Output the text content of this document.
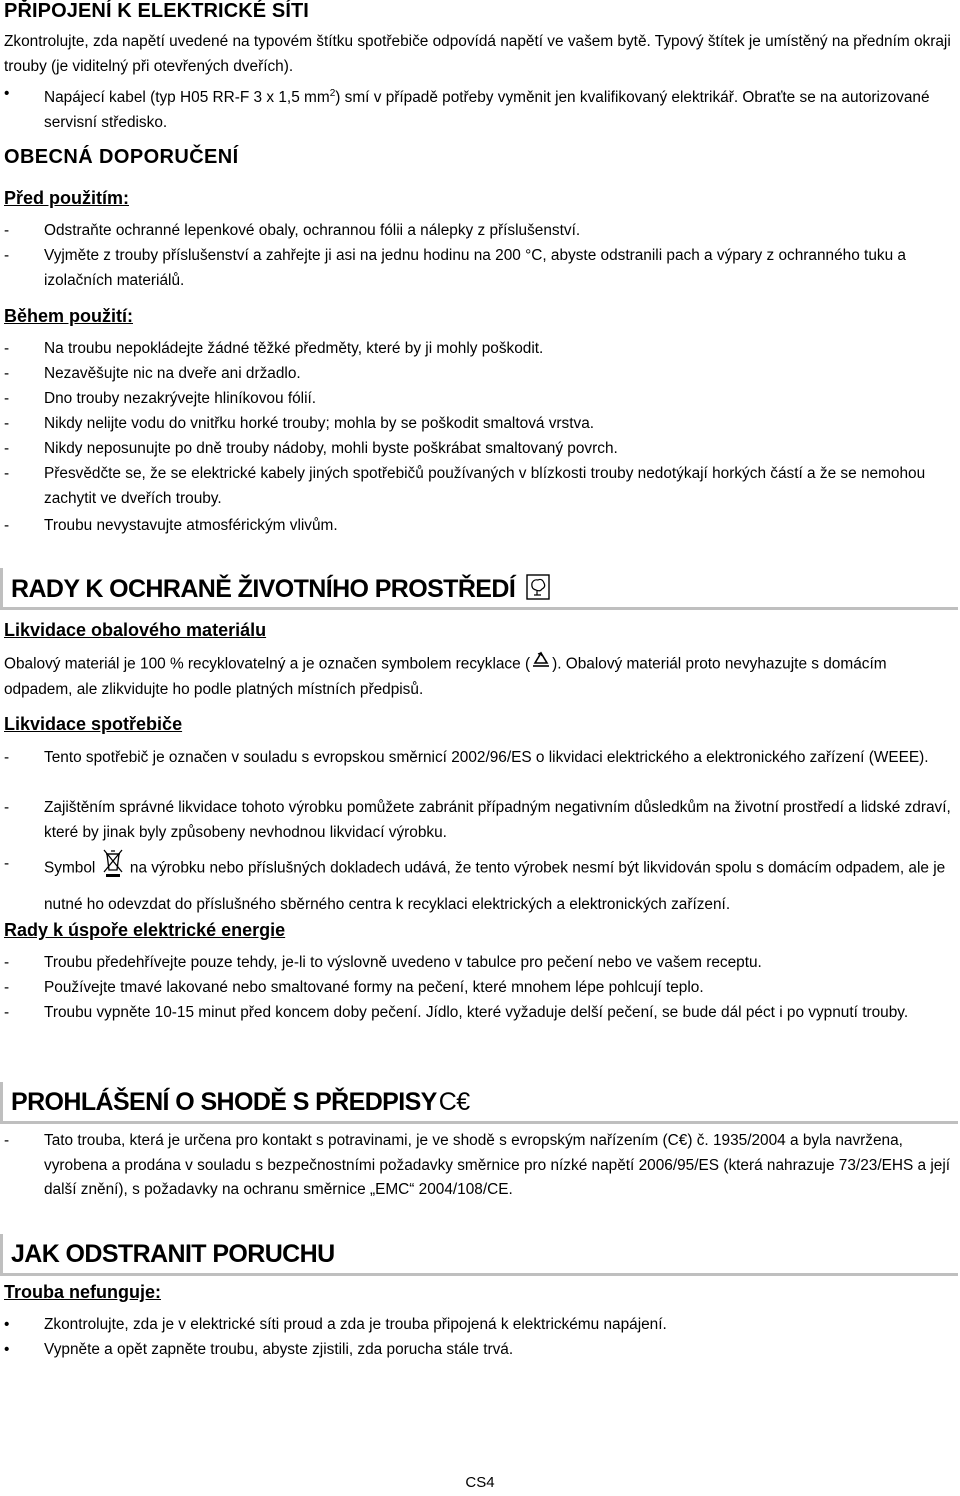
PŘIPOJENÍ K ELEKTRICKÉ SÍTI
Zkontrolujte, zda napětí uvedené na typovém štítku spotřebiče odpovídá napětí ve vašem bytě. Typový štítek je umístěný na předním okraji trouby (je viditelný při otevřených dveřích).
• Napájecí kabel (typ H05 RR-F 3 x 1,5 $mm^2$) smí v případě potřeby vyměnit jen kvalifikovaný elektrikář. Obraťte se na autorizované servisní středisko.
OBECNÁ DOPORUČENÍ
Před použitím:
- Odstraňte ochranné lepenkové obaly, ochrannou fólii a nálepky z příslušenství.
- Vyjměte z trouby příslušenství a zahřejte ji asi na jednu hodinu na 200 °C, abyste odstranili pach a výpary z ochranného tuku a izolačních materiálů.
Během použití:
- Na troubu nepokládejte žádné těžké předměty, které by ji mohly poškodit.
- Nezavěšujte nic na dveře ani držadlo.
- Dno trouby nezakrývejte hliníkovou fólií.
- Nikdy nelijte vodu do vnitřku horké trouby; mohla by se poškodit smaltová vrstva.
- Nikdy neposunujte po dně trouby nádoby, mohli byste poškrábat smaltovaný povrch.
- Přesvědčte se, že se elektrické kabely jiných spotřebičů používaných v blízkosti trouby nedotýkají horkých částí a že se nemohou zachytit ve dveřích trouby.
- Troubu nevystavujte atmosférickým vlivům.
RADY K OCHRANĚ ŽIVOTNÍHO PROSTŘEDÍ
Likvidace obalového materiálu
Obalový materiál je 100 % recyklovatelný a je označen symbolem recyklace ( ). Obalový materiál proto nevyhazujte s domácím odpadem, ale zlikvidujte ho podle platných místních předpisů.
Likvidace spotřebiče
- Tento spotřebič je označen v souladu s evropskou směrnicí 2002/96/ES o likvidaci elektrického a elektronického zařízení (WEEE).
- Zajištěním správné likvidace tohoto výrobku pomůžete zabránit případným negativním důsledkům na životní prostředí a lidské zdraví, které by jinak byly způsobeny nevhodnou likvidací výrobku.
- Symbol na výrobku nebo příslušných dokladech udává, že tento výrobek nesmí být likvidován spolu s domácím odpadem, ale je nutné ho odevzdat do příslušného sběrného centra k recyklaci elektrických a elektronických zařízení.
Rady k úspoře elektrické energie
- Troubu předehřívejte pouze tehdy, je-li to výslovně uvedeno v tabulce pro pečení nebo ve vašem receptu.
- Používejte tmavé lakované nebo smaltované formy na pečení, které mnohem lépe pohlcují teplo.
- Troubu vypněte 10-15 minut před koncem doby pečení. Jídlo, které vyžaduje delší pečení, se bude dál péct i po vypnutí trouby.
PROHLÁŠENÍ O SHODĚ S PŘEDPISYC€
- Tato trouba, která je určena pro kontakt s potravinami, je ve shodě s evropským nařízením (C€) č. 1935/2004 a byla navržena, vyrobena a prodána v souladu s bezpečnostními požadavky směrnice pro nízké napětí 2006/95/ES (která nahrazuje 73/23/EHS a její další znění), s požadavky na ochranu směrnice „EMC“ 2004/108/CE.
JAK ODSTRANIT PORUCHU
Trouba nefunguje:
• Zkontrolujte, zda je v elektrické síti proud a zda je trouba připojená k elektrickému napájení.
• Vypněte a opět zapněte troubu, abyste zjistili, zda porucha stále trvá.
CS4
